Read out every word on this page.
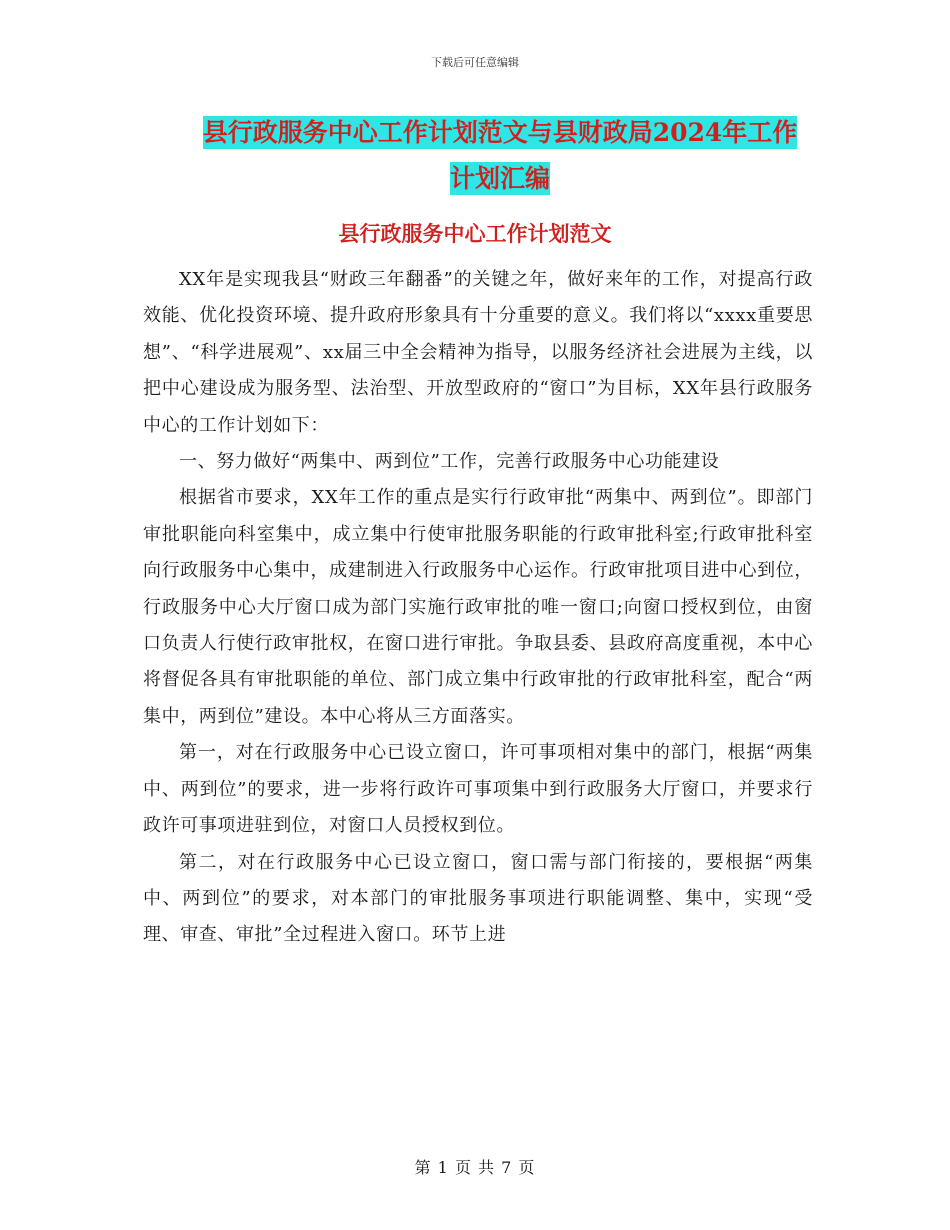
下载后可任意编辑
县行政服务中心工作计划范文与县财政局2024年工作
计划汇编
县行政服务中心工作计划范文

XX年是实现我县“财政三年翻番”的关键之年，做好来年的工作，对提高行政效能、优化投资环境、提升政府形象具有十分重要的意义。我们将以“xxxx重要思想”、“科学进展观”、xx届三中全会精神为指导，以服务经济社会进展为主线，以把中心建设成为服务型、法治型、开放型政府的“窗口”为目标，XX年县行政服务中心的工作计划如下：

一、努力做好“两集中、两到位”工作，完善行政服务中心功能建设

根据省市要求，XX年工作的重点是实行行政审批“两集中、两到位”。即部门审批职能向科室集中，成立集中行使审批服务职能的行政审批科室;行政审批科室向行政服务中心集中，成建制进入行政服务中心运作。行政审批项目进中心到位，行政服务中心大厅窗口成为部门实施行政审批的唯一窗口;向窗口授权到位，由窗口负责人行使行政审批权，在窗口进行审批。争取县委、县政府高度重视，本中心将督促各具有审批职能的单位、部门成立集中行政审批的行政审批科室，配合“两集中，两到位”建设。本中心将从三方面落实。

第一，对在行政服务中心已设立窗口，许可事项相对集中的部门，根据“两集中、两到位”的要求，进一步将行政许可事项集中到行政服务大厅窗口，并要求行政许可事项进驻到位，对窗口人员授权到位。

第二，对在行政服务中心已设立窗口，窗口需与部门衔接的，要根据“两集中、两到位”的要求，对本部门的审批服务事项进行职能调整、集中，实现“受理、审查、审批”全过程进入窗口。环节上进

第 1 页 共 7 页
